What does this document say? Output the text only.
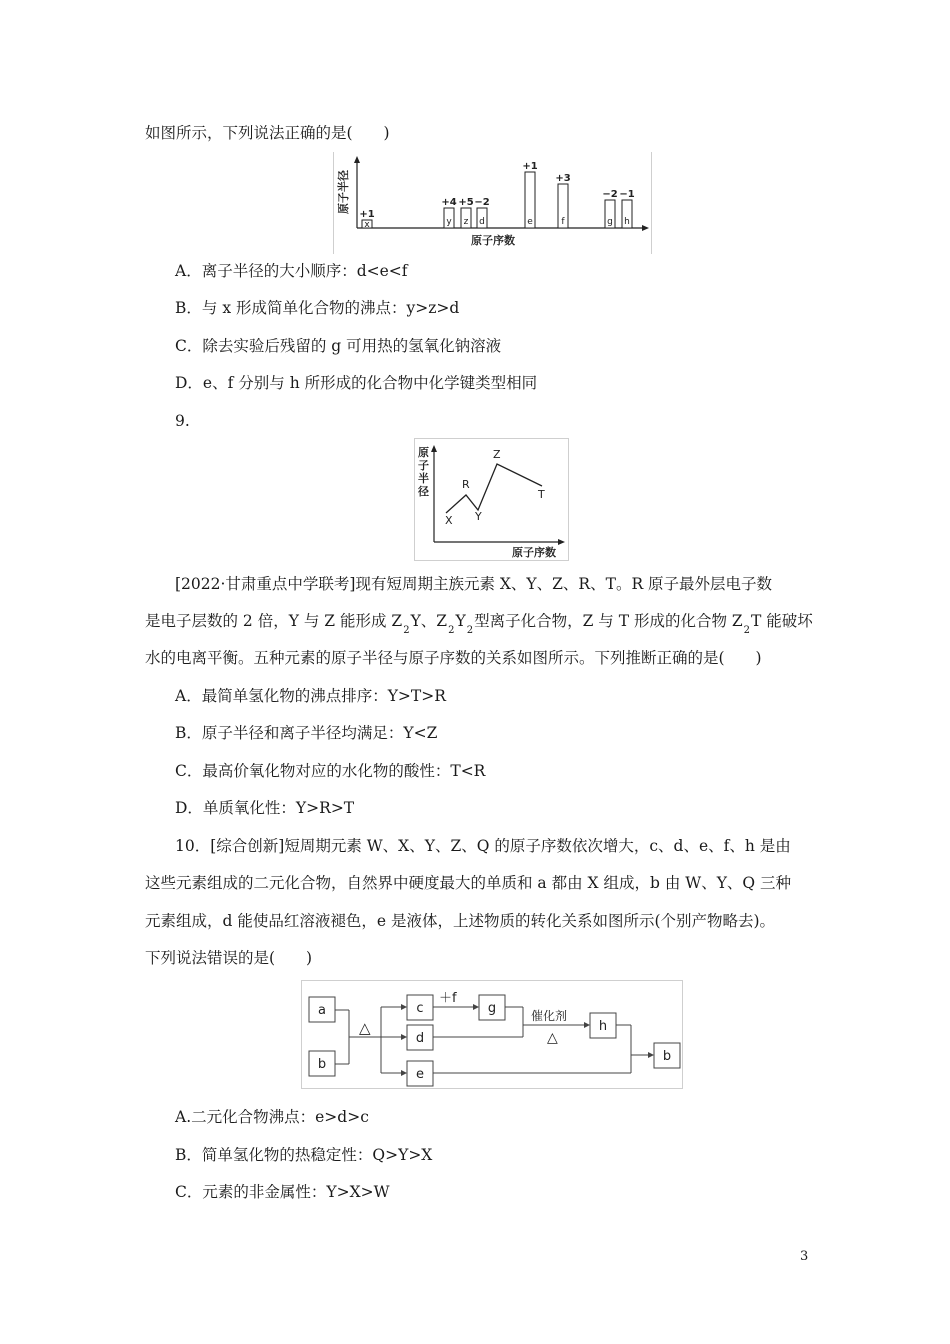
如图所示，下列说法正确的是(　　)
原子半径
原子序数
x
+1
y
+4
z
+5
d
−2
e
+1
f
+3
g
−2
h
−1
A．离子半径的大小顺序：d<e<f
B．与 x 形成简单化合物的沸点：y>z>d
C．除去实验后残留的 g 可用热的氢氧化钠溶液
D．e、f 分别与 h 所形成的化合物中化学键类型相同
9.
原
子
半
径
原子序数
X
R
Y
Z
T
[2022·甘肃重点中学联考]现有短周期主族元素 X、Y、Z、R、T。R 原子最外层电子数
是电子层数的 2 倍，Y 与 Z 能形成 $Z_2Y$、$Z_2Y_2$型离子化合物，Z 与 T 形成的化合物 $Z_2T$ 能破坏
水的电离平衡。五种元素的原子半径与原子序数的关系如图所示。下列推断正确的是(　　)
A．最简单氢化物的沸点排序：Y>T>R
B．原子半径和离子半径均满足：Y<Z
C．最高价氧化物对应的水化物的酸性：T<R
D．单质氧化性：Y>R>T
10．[综合创新]短周期元素 W、X、Y、Z、Q 的原子序数依次增大，c、d、e、f、h 是由
这些元素组成的二元化合物，自然界中硬度最大的单质和 a 都由 X 组成，b 由 W、Y、Q 三种
元素组成，d 能使品红溶液褪色，e 是液体，上述物质的转化关系如图所示(个别产物略去)。
下列说法错误的是(　　)
a
b
c
d
e
g
h
b
△
＋f
催化剂
△
A.二元化合物沸点：e>d>c
B．简单氢化物的热稳定性：Q>Y>X
C．元素的非金属性：Y>X>W
3
